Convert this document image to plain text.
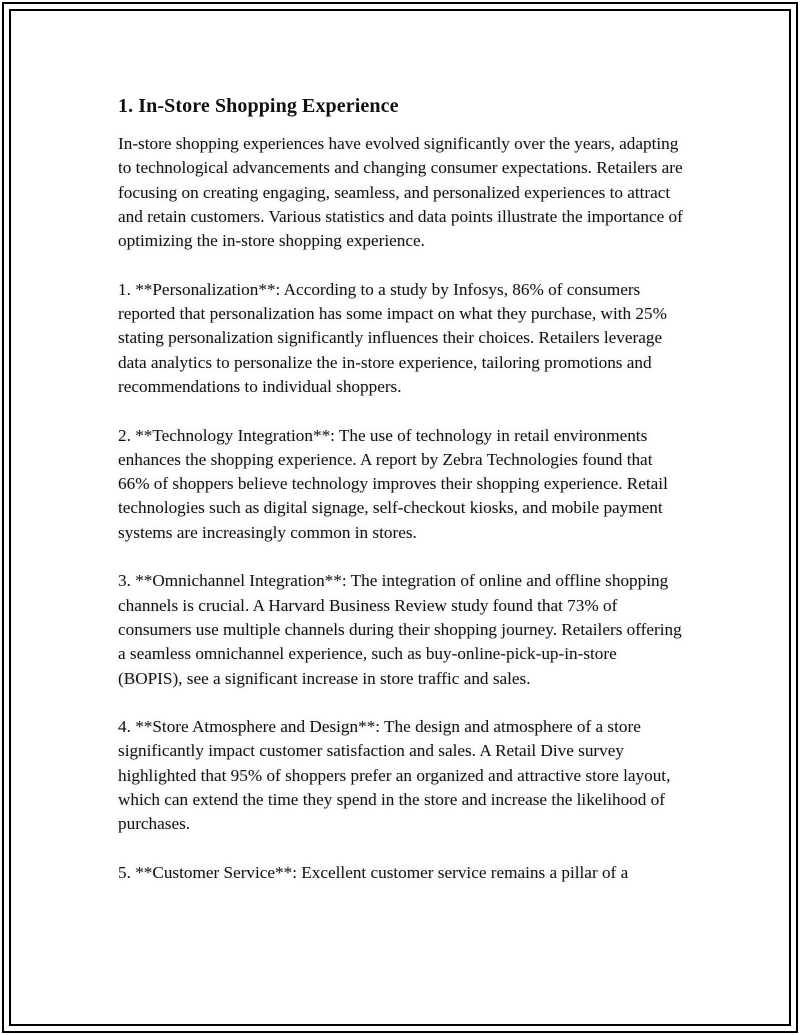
1. In-Store Shopping Experience

In-store shopping experiences have evolved significantly over the years, adapting to technological advancements and changing consumer expectations. Retailers are focusing on creating engaging, seamless, and personalized experiences to attract and retain customers. Various statistics and data points illustrate the importance of optimizing the in-store shopping experience.

1. **Personalization**: According to a study by Infosys, 86% of consumers reported that personalization has some impact on what they purchase, with 25% stating personalization significantly influences their choices. Retailers leverage data analytics to personalize the in-store experience, tailoring promotions and recommendations to individual shoppers.

2. **Technology Integration**: The use of technology in retail environments enhances the shopping experience. A report by Zebra Technologies found that 66% of shoppers believe technology improves their shopping experience. Retail technologies such as digital signage, self-checkout kiosks, and mobile payment systems are increasingly common in stores.

3. **Omnichannel Integration**: The integration of online and offline shopping channels is crucial. A Harvard Business Review study found that 73% of consumers use multiple channels during their shopping journey. Retailers offering a seamless omnichannel experience, such as buy-online-pick-up-in-store (BOPIS), see a significant increase in store traffic and sales.

4. **Store Atmosphere and Design**: The design and atmosphere of a store significantly impact customer satisfaction and sales. A Retail Dive survey highlighted that 95% of shoppers prefer an organized and attractive store layout, which can extend the time they spend in the store and increase the likelihood of purchases.

5. **Customer Service**: Excellent customer service remains a pillar of a
